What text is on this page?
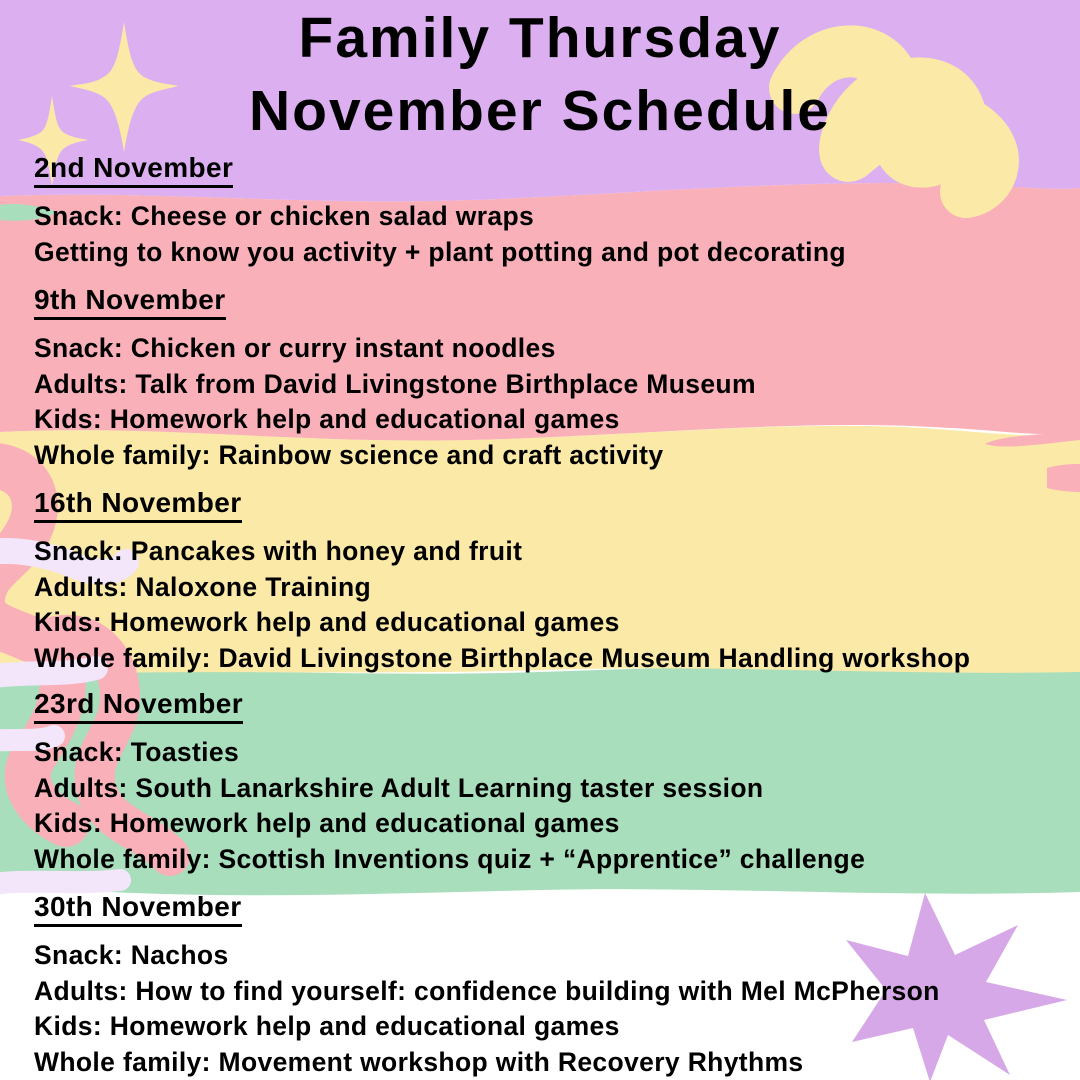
Family Thursday
November Schedule
2nd November
Snack: Cheese or chicken salad wraps
Getting to know you activity + plant potting and pot decorating
9th November
Snack: Chicken or curry instant noodles
Adults: Talk from David Livingstone Birthplace Museum
Kids: Homework help and educational games
Whole family: Rainbow science and craft activity
16th November
Snack: Pancakes with honey and fruit
Adults: Naloxone Training
Kids: Homework help and educational games
Whole family: David Livingstone Birthplace Museum Handling workshop
23rd November
Snack: Toasties
Adults: South Lanarkshire Adult Learning taster session
Kids: Homework help and educational games
Whole family: Scottish Inventions quiz + “Apprentice” challenge
30th November
Snack: Nachos
Adults: How to find yourself: confidence building with Mel McPherson
Kids: Homework help and educational games
Whole family: Movement workshop with Recovery Rhythms
